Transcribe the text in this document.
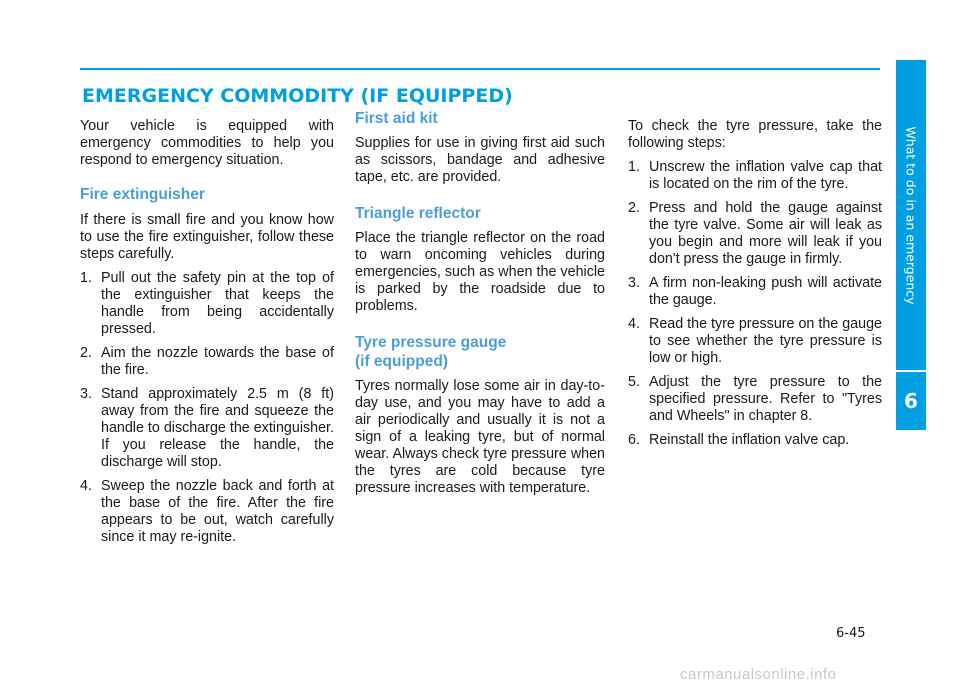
EMERGENCY COMMODITY (IF EQUIPPED)

Your vehicle is equipped with emergency commodities to help you respond to emergency situation.

Fire extinguisher

If there is small fire and you know how to use the fire extinguisher, follow these steps carefully.

1. Pull out the safety pin at the top of the extinguisher that keeps the handle from being accidentally pressed.
2. Aim the nozzle towards the base of the fire.
3. Stand approximately 2.5 m (8 ft) away from the fire and squeeze the handle to discharge the extinguisher. If you release the handle, the discharge will stop.
4. Sweep the nozzle back and forth at the base of the fire. After the fire appears to be out, watch carefully since it may re-ignite.
First aid kit

Supplies for use in giving first aid such as scissors, bandage and adhesive tape, etc. are provided.

Triangle reflector

Place the triangle reflector on the road to warn oncoming vehicles during emergencies, such as when the vehicle is parked by the roadside due to problems.

Tyre pressure gauge
(if equipped)

Tyres normally lose some air in day-to-day use, and you may have to add a air periodically and usually it is not a sign of a leaking tyre, but of normal wear. Always check tyre pressure when the tyres are cold because tyre pressure increases with temperature.

To check the tyre pressure, take the following steps:

1. Unscrew the inflation valve cap that is located on the rim of the tyre.
2. Press and hold the gauge against the tyre valve. Some air will leak as you begin and more will leak if you don't press the gauge in firmly.
3. A firm non-leaking push will activate the gauge.
4. Read the tyre pressure on the gauge to see whether the tyre pressure is low or high.
5. Adjust the tyre pressure to the specified pressure. Refer to "Tyres and Wheels" in chapter 8.
6. Reinstall the inflation valve cap.
What to do in an emergency
6
6-45
carmanualsonline.info
